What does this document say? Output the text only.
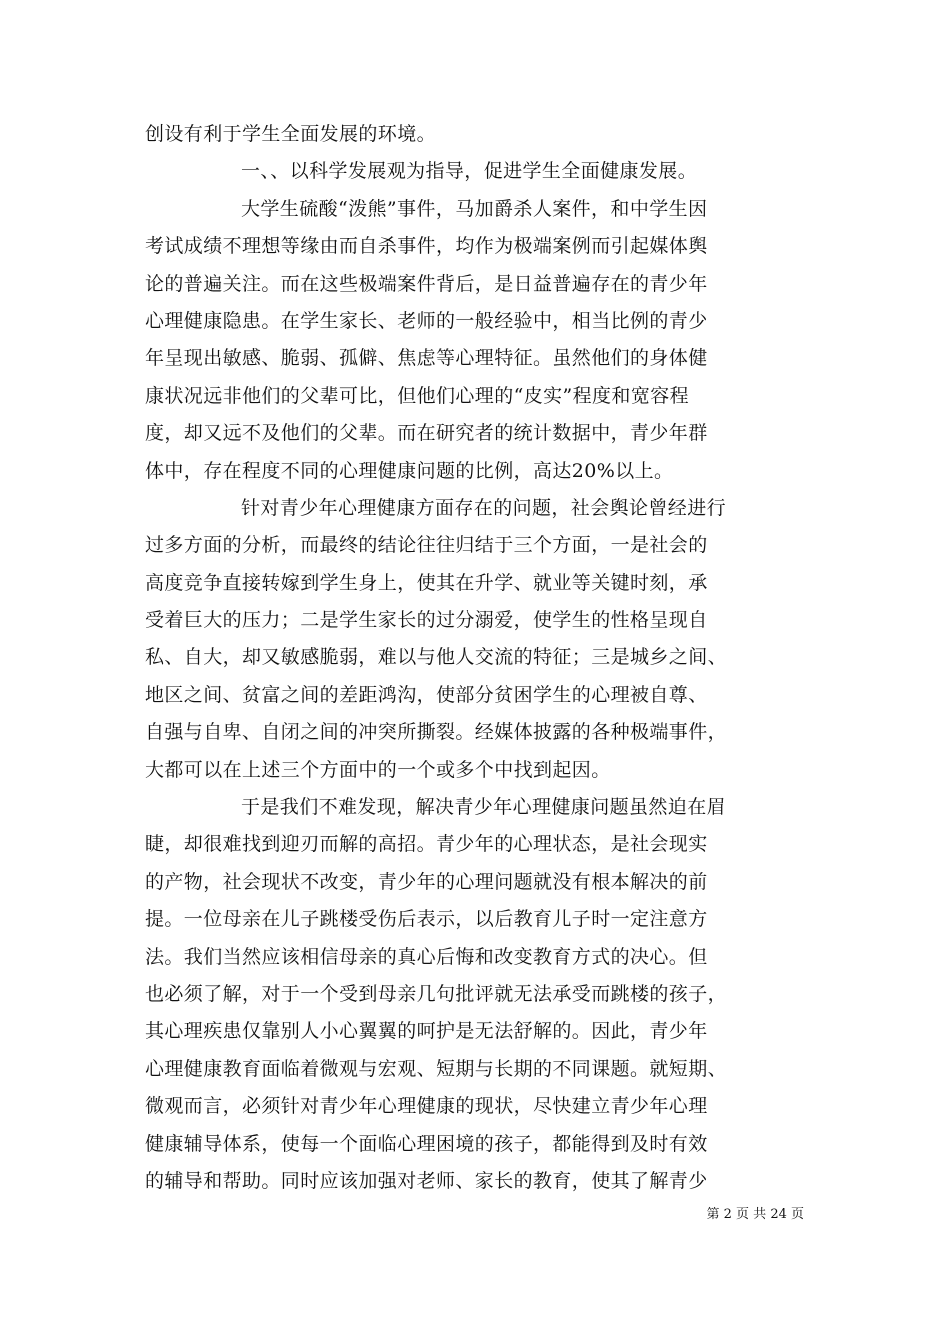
创设有利于学生全面发展的环境。
一、、以科学发展观为指导，促进学生全面健康发展。
大学生硫酸“泼熊”事件，马加爵杀人案件，和中学生因
考试成绩不理想等缘由而自杀事件，均作为极端案例而引起媒体舆
论的普遍关注。而在这些极端案件背后，是日益普遍存在的青少年
心理健康隐患。在学生家长、老师的一般经验中，相当比例的青少
年呈现出敏感、脆弱、孤僻、焦虑等心理特征。虽然他们的身体健
康状况远非他们的父辈可比，但他们心理的“皮实”程度和宽容程
度，却又远不及他们的父辈。而在研究者的统计数据中，青少年群
体中，存在程度不同的心理健康问题的比例，高达20%以上。
针对青少年心理健康方面存在的问题，社会舆论曾经进行
过多方面的分析，而最终的结论往往归结于三个方面，一是社会的
高度竞争直接转嫁到学生身上，使其在升学、就业等关键时刻，承
受着巨大的压力；二是学生家长的过分溺爱，使学生的性格呈现自
私、自大，却又敏感脆弱，难以与他人交流的特征；三是城乡之间、
地区之间、贫富之间的差距鸿沟，使部分贫困学生的心理被自尊、
自强与自卑、自闭之间的冲突所撕裂。经媒体披露的各种极端事件，
大都可以在上述三个方面中的一个或多个中找到起因。
于是我们不难发现，解决青少年心理健康问题虽然迫在眉
睫，却很难找到迎刃而解的高招。青少年的心理状态，是社会现实
的产物，社会现状不改变，青少年的心理问题就没有根本解决的前
提。一位母亲在儿子跳楼受伤后表示，以后教育儿子时一定注意方
法。我们当然应该相信母亲的真心后悔和改变教育方式的决心。但
也必须了解，对于一个受到母亲几句批评就无法承受而跳楼的孩子，
其心理疾患仅靠别人小心翼翼的呵护是无法舒解的。因此，青少年
心理健康教育面临着微观与宏观、短期与长期的不同课题。就短期、
微观而言，必须针对青少年心理健康的现状，尽快建立青少年心理
健康辅导体系，使每一个面临心理困境的孩子，都能得到及时有效
的辅导和帮助。同时应该加强对老师、家长的教育，使其了解青少
第 2 页 共 24 页
